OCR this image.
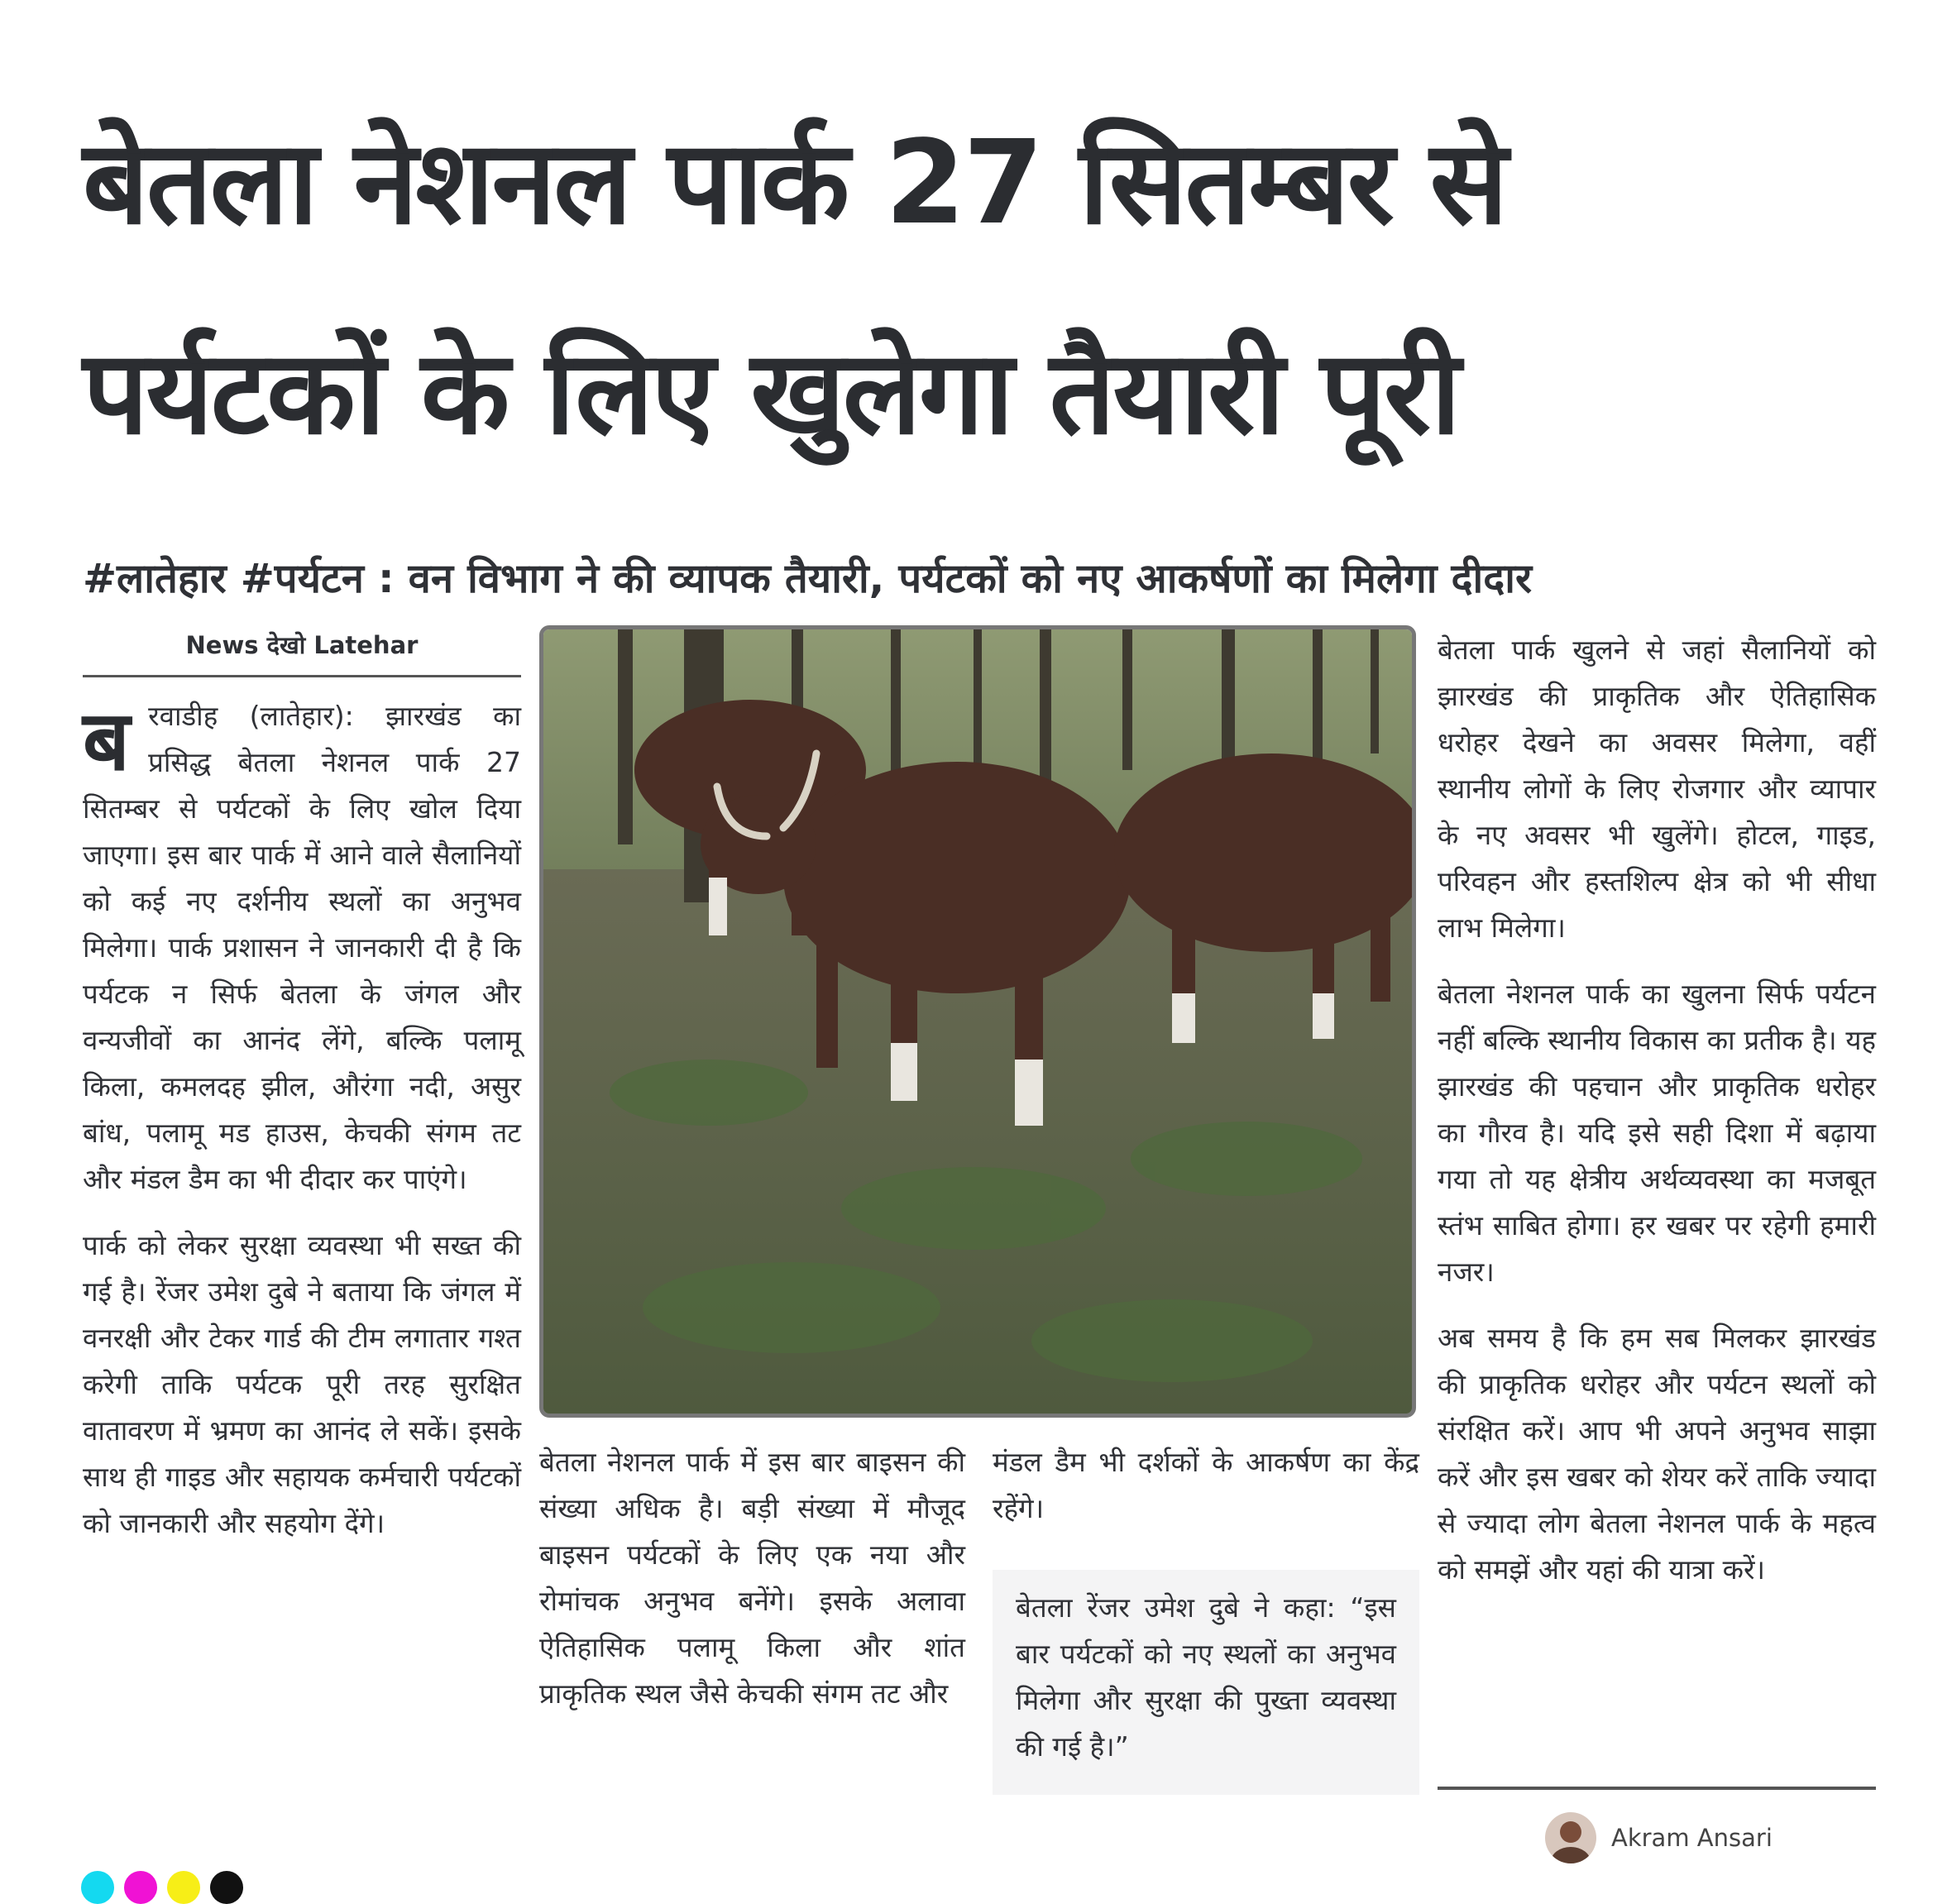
बेतला नेशनल पार्क 27 सितम्बर से
पर्यटकों के लिए खुलेगा तैयारी पूरी
#लातेहार #पर्यटन : वन विभाग ने की व्यापक तैयारी, पर्यटकों को नए आकर्षणों का मिलेगा दीदार
News देखो Latehar

बरवाडीह (लातेहार): झारखंड का प्रसिद्ध बेतला नेशनल पार्क 27 सितम्बर से पर्यटकों के लिए खोल दिया जाएगा। इस बार पार्क में आने वाले सैलानियों को कई नए दर्शनीय स्थलों का अनुभव मिलेगा। पार्क प्रशासन ने जानकारी दी है कि पर्यटक न सिर्फ बेतला के जंगल और वन्यजीवों का आनंद लेंगे, बल्कि पलामू किला, कमलदह झील, औरंगा नदी, असुर बांध, पलामू मड हाउस, केचकी संगम तट और मंडल डैम का भी दीदार कर पाएंगे।

पार्क को लेकर सुरक्षा व्यवस्था भी सख्त की गई है। रेंजर उमेश दुबे ने बताया कि जंगल में वनरक्षी और टेकर गार्ड की टीम लगातार गश्त करेगी ताकि पर्यटक पूरी तरह सुरक्षित वातावरण में भ्रमण का आनंद ले सकें। इसके साथ ही गाइड और सहायक कर्मचारी पर्यटकों को जानकारी और सहयोग देंगे।

बेतला नेशनल पार्क में इस बार बाइसन की संख्या अधिक है। बड़ी संख्या में मौजूद बाइसन पर्यटकों के लिए एक नया और रोमांचक अनुभव बनेंगे। इसके अलावा ऐतिहासिक पलामू किला और शांत प्राकृतिक स्थल जैसे केचकी संगम तट और

मंडल डैम भी दर्शकों के आकर्षण का केंद्र रहेंगे।

बेतला रेंजर उमेश दुबे ने कहा: “इस बार पर्यटकों को नए स्थलों का अनुभव मिलेगा और सुरक्षा की पुख्ता व्यवस्था की गई है।”

बेतला पार्क खुलने से जहां सैलानियों को झारखंड की प्राकृतिक और ऐतिहासिक धरोहर देखने का अवसर मिलेगा, वहीं स्थानीय लोगों के लिए रोजगार और व्यापार के नए अवसर भी खुलेंगे। होटल, गाइड, परिवहन और हस्तशिल्प क्षेत्र को भी सीधा लाभ मिलेगा।

बेतला नेशनल पार्क का खुलना सिर्फ पर्यटन नहीं बल्कि स्थानीय विकास का प्रतीक है। यह झारखंड की पहचान और प्राकृतिक धरोहर का गौरव है। यदि इसे सही दिशा में बढ़ाया गया तो यह क्षेत्रीय अर्थव्यवस्था का मजबूत स्तंभ साबित होगा। हर खबर पर रहेगी हमारी नजर।

अब समय है कि हम सब मिलकर झारखंड की प्राकृतिक धरोहर और पर्यटन स्थलों को संरक्षित करें। आप भी अपने अनुभव साझा करें और इस खबर को शेयर करें ताकि ज्यादा से ज्यादा लोग बेतला नेशनल पार्क के महत्व को समझें और यहां की यात्रा करें।

Akram Ansari
